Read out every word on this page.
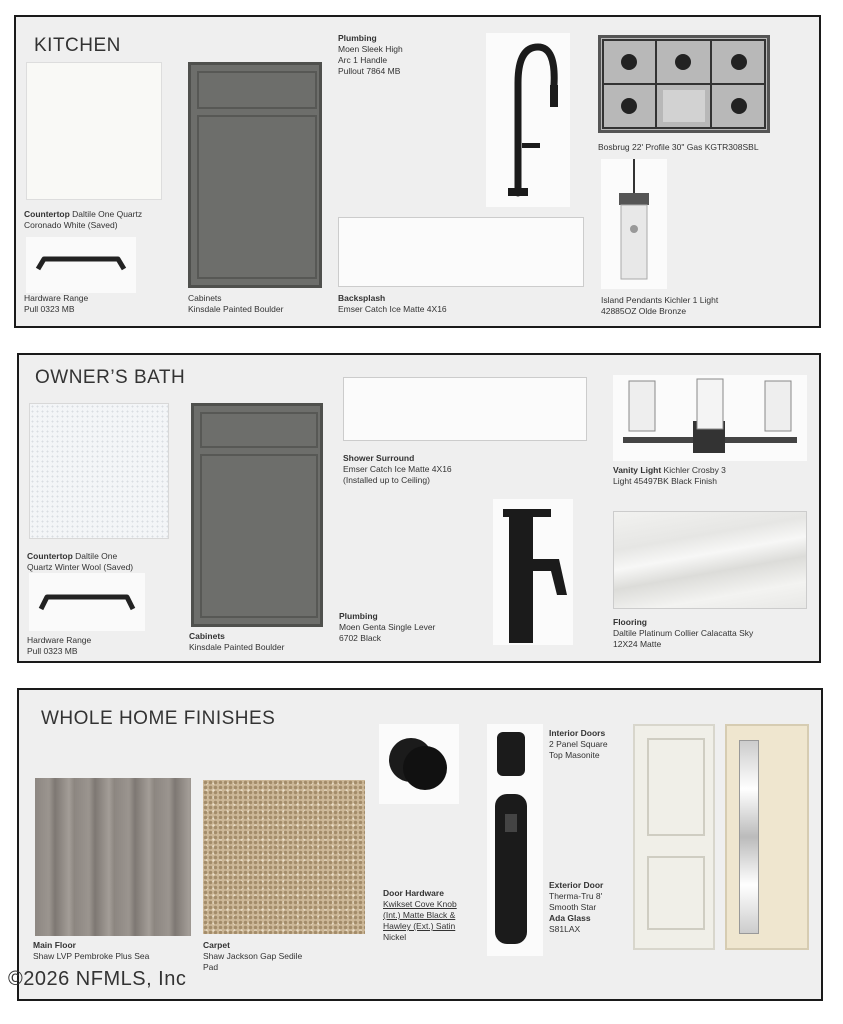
KITCHEN
Countertop Daltile One Quartz
Coronado White (Saved)
Hardware Range
Pull 0323 MB
Cabinets
Kinsdale Painted Boulder
Plumbing
Moen Sleek High
Arc 1 Handle
Pullout 7864 MB
Bosbrug 22' Profile 30" Gas KGTR308SBL
Backsplash
Emser Catch Ice Matte 4X16
Island Pendants Kichler 1 Light
42885OZ Olde Bronze
OWNER’S BATH
Countertop Daltile One
Quartz Winter Wool (Saved)
Hardware Range
Pull 0323 MB
Cabinets
Kinsdale Painted Boulder
Shower Surround
Emser Catch Ice Matte 4X16
(Installed up to Ceiling)
Plumbing
Moen Genta Single Lever
6702 Black
Vanity Light Kichler Crosby 3
Light 45497BK Black Finish
Flooring
Daltile Platinum Collier Calacatta Sky
12X24 Matte
WHOLE HOME FINISHES
Main Floor
Shaw LVP Pembroke Plus Sea
Carpet
Shaw Jackson Gap Sedile
Pad
Door Hardware
Kwikset Cove Knob
(Int.) Matte Black &
Hawley (Ext.) Satin
Nickel
Interior Doors
2 Panel Square
Top Masonite
Exterior Door
Therma-Tru 8'
Smooth Star
Ada Glass
S81LAX
©2026 NFMLS, Inc
